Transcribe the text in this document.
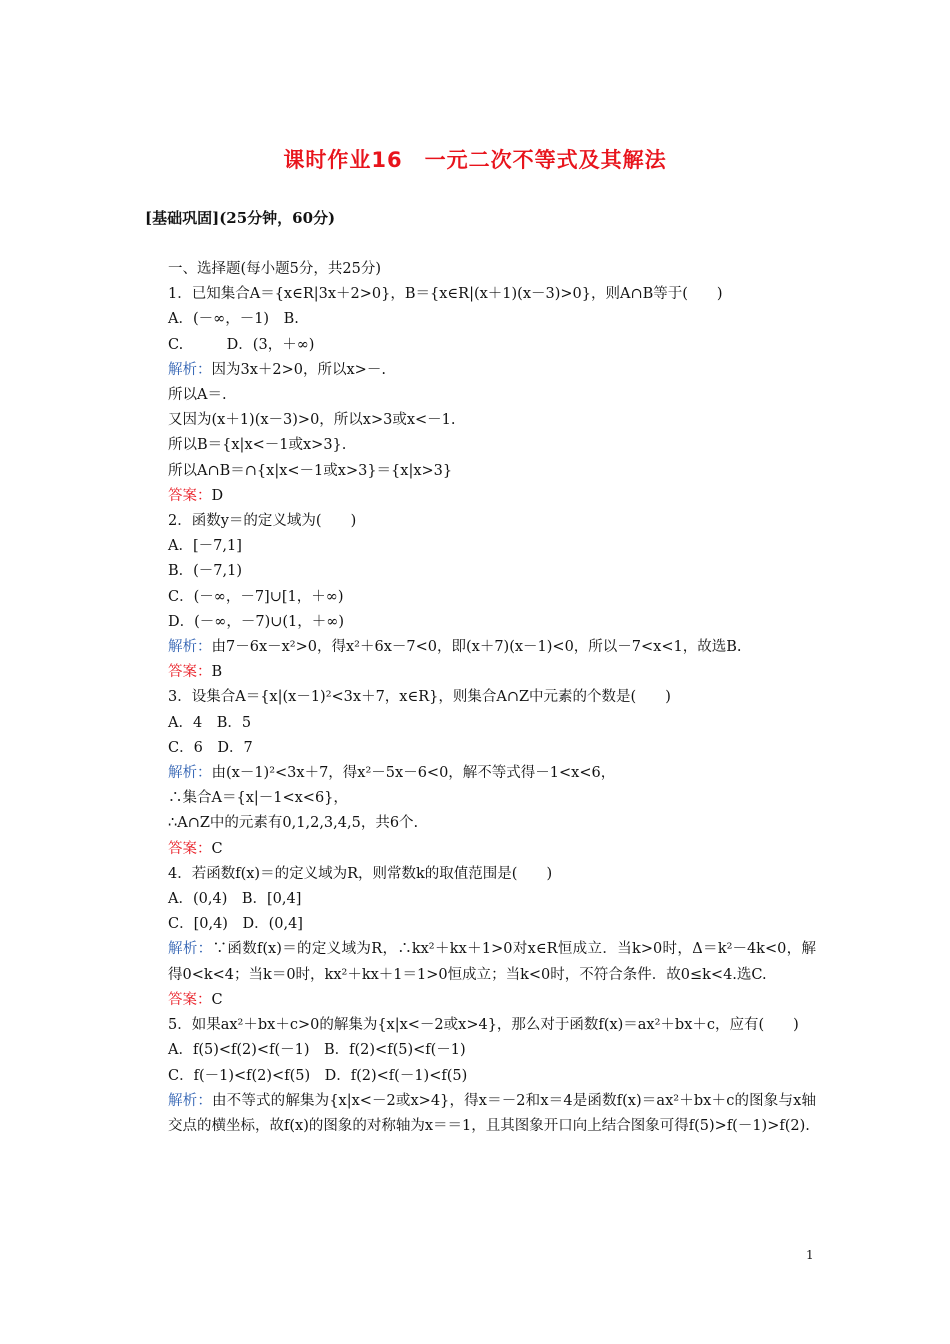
课时作业16　一元二次不等式及其解法
[基础巩固](25分钟，60分)
一、选择题(每小题5分，共25分)
1．已知集合A＝{x∈R|3x＋2>0}，B＝{x∈R|(x＋1)(x－3)>0}，则A∩B等于(　　)
A．(－∞，－1)　B.
C.　　　D．(3，＋∞)
解析：因为3x＋2>0，所以x>－.
所以A＝.
又因为(x＋1)(x－3)>0，所以x>3或x<－1.
所以B＝{x|x<－1或x>3}.
所以A∩B＝∩{x|x<－1或x>3}＝{x|x>3}
答案：D
2．函数y＝的定义域为(　　)
A．[－7,1]
B．(－7,1)
C．(－∞，－7]∪[1，＋∞)
D．(－∞，－7)∪(1，＋∞)
解析：由7－6x－x²>0，得x²＋6x－7<0，即(x＋7)(x－1)<0，所以－7<x<1，故选B.
答案：B
3．设集合A＝{x|(x－1)²<3x＋7，x∈R}，则集合A∩Z中元素的个数是(　　)
A．4　B．5
C．6　D．7
解析：由(x－1)²<3x＋7，得x²－5x－6<0，解不等式得－1<x<6，
∴集合A＝{x|－1<x<6}，
∴A∩Z中的元素有0,1,2,3,4,5，共6个.
答案：C
4．若函数f(x)＝的定义域为R，则常数k的取值范围是(　　)
A．(0,4)　B．[0,4]
C．[0,4)　D．(0,4]
解析：∵函数f(x)＝的定义域为R，∴kx²＋kx＋1>0对x∈R恒成立．当k>0时，Δ＝k²－4k<0，解得0<k<4；当k＝0时，kx²＋kx＋1＝1>0恒成立；当k<0时，不符合条件．故0≤k<4.选C.
答案：C
5．如果ax²＋bx＋c>0的解集为{x|x<－2或x>4}，那么对于函数f(x)＝ax²＋bx＋c，应有(　　)
A．f(5)<f(2)<f(－1)　B．f(2)<f(5)<f(－1)
C．f(－1)<f(2)<f(5)　D．f(2)<f(－1)<f(5)
解析：由不等式的解集为{x|x<－2或x>4}，得x＝－2和x＝4是函数f(x)＝ax²＋bx＋c的图象与x轴交点的横坐标，故f(x)的图象的对称轴为x＝＝1，且其图象开口向上结合图象可得f(5)>f(－1)>f(2).
1
